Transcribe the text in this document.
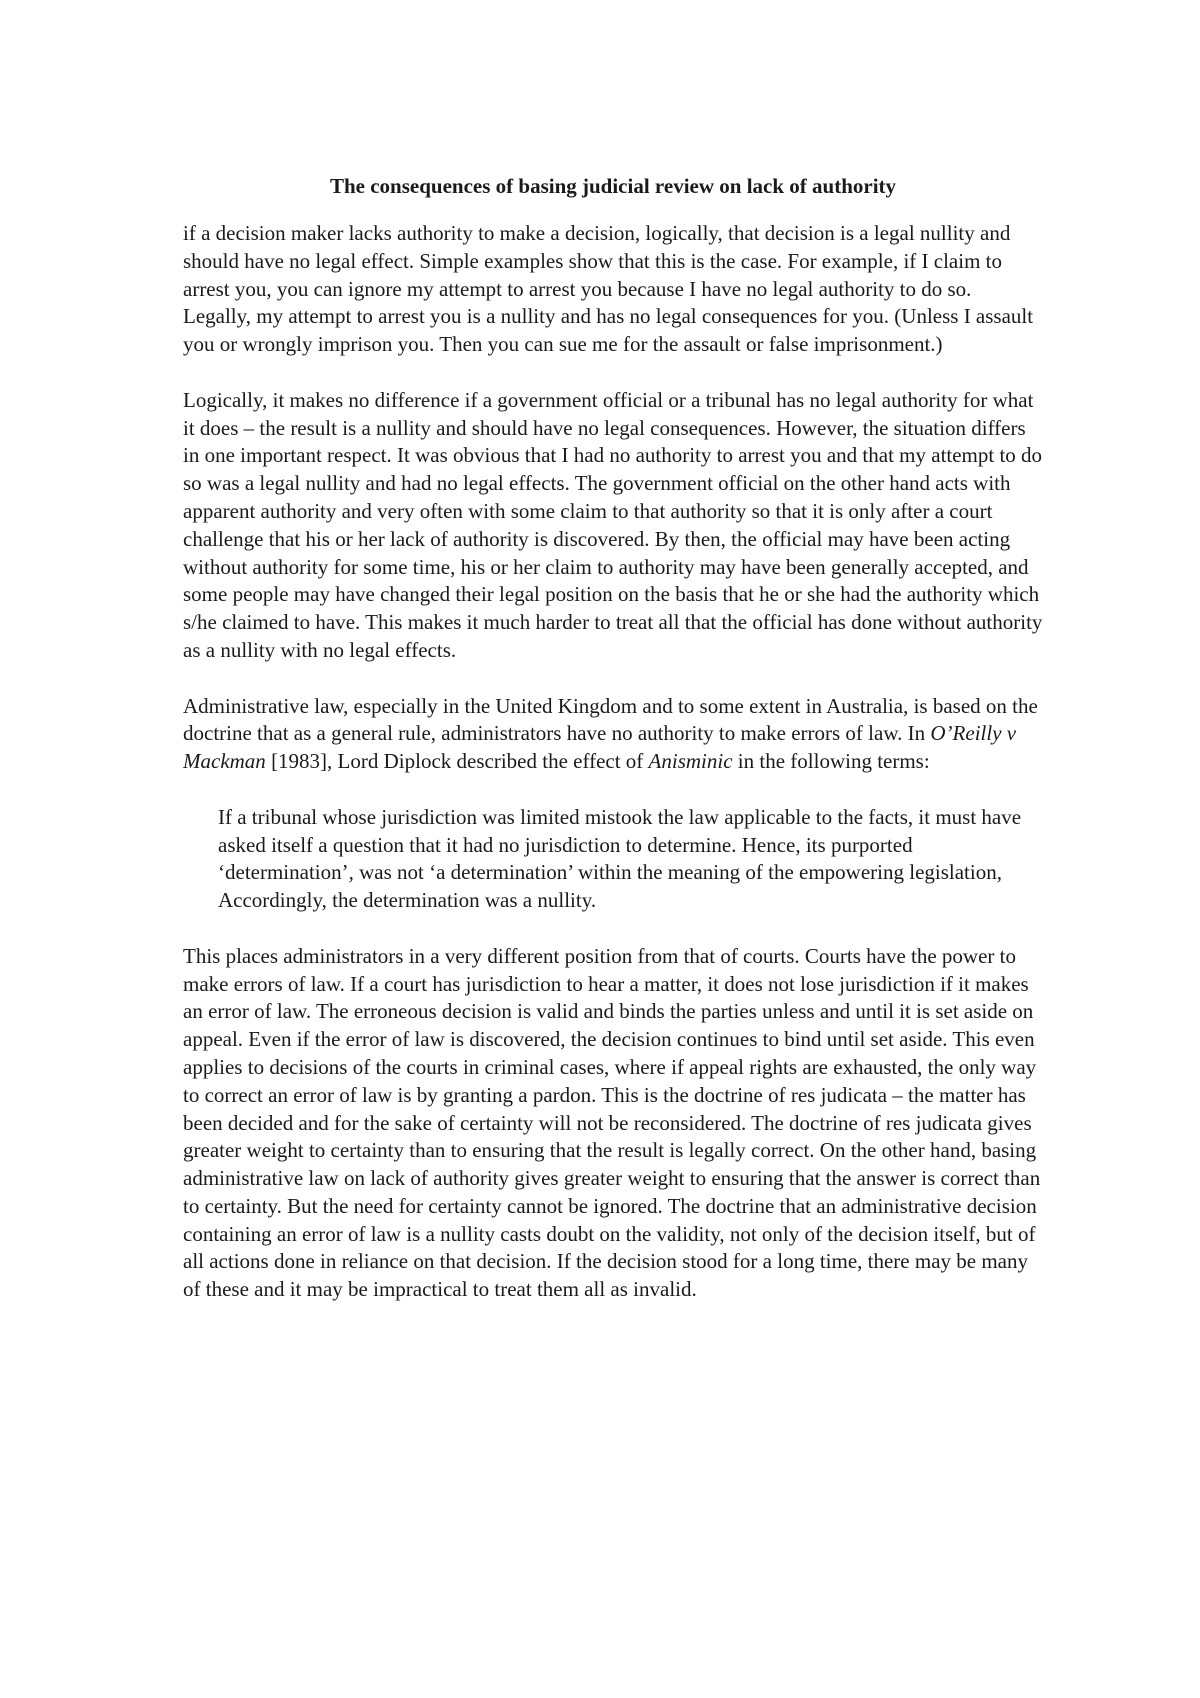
The consequences of basing judicial review on lack of authority

if a decision maker lacks authority to make a decision, logically, that decision is a legal nullity and should have no legal effect. Simple examples show that this is the case. For example, if I claim to arrest you, you can ignore my attempt to arrest you because I have no legal authority to do so. Legally, my attempt to arrest you is a nullity and has no legal consequences for you. (Unless I assault you or wrongly imprison you. Then you can sue me for the assault or false imprisonment.)

Logically, it makes no difference if a government official or a tribunal has no legal authority for what it does – the result is a nullity and should have no legal consequences. However, the situation differs in one important respect. It was obvious that I had no authority to arrest you and that my attempt to do so was a legal nullity and had no legal effects. The government official on the other hand acts with apparent authority and very often with some claim to that authority so that it is only after a court challenge that his or her lack of authority is discovered. By then, the official may have been acting without authority for some time, his or her claim to authority may have been generally accepted, and some people may have changed their legal position on the basis that he or she had the authority which s/he claimed to have. This makes it much harder to treat all that the official has done without authority as a nullity with no legal effects.

Administrative law, especially in the United Kingdom and to some extent in Australia, is based on the doctrine that as a general rule, administrators have no authority to make errors of law. In O’Reilly v Mackman [1983], Lord Diplock described the effect of Anisminic in the following terms:

If a tribunal whose jurisdiction was limited mistook the law applicable to the facts, it must have asked itself a question that it had no jurisdiction to determine. Hence, its purported ‘determination’, was not ‘a determination’ within the meaning of the empowering legislation, Accordingly, the determination was a nullity.

This places administrators in a very different position from that of courts. Courts have the power to make errors of law. If a court has jurisdiction to hear a matter, it does not lose jurisdiction if it makes an error of law. The erroneous decision is valid and binds the parties unless and until it is set aside on appeal. Even if the error of law is discovered, the decision continues to bind until set aside. This even applies to decisions of the courts in criminal cases, where if appeal rights are exhausted, the only way to correct an error of law is by granting a pardon. This is the doctrine of res judicata – the matter has been decided and for the sake of certainty will not be reconsidered. The doctrine of res judicata gives greater weight to certainty than to ensuring that the result is legally correct. On the other hand, basing administrative law on lack of authority gives greater weight to ensuring that the answer is correct than to certainty. But the need for certainty cannot be ignored. The doctrine that an administrative decision containing an error of law is a nullity casts doubt on the validity, not only of the decision itself, but of all actions done in reliance on that decision. If the decision stood for a long time, there may be many of these and it may be impractical to treat them all as invalid.
